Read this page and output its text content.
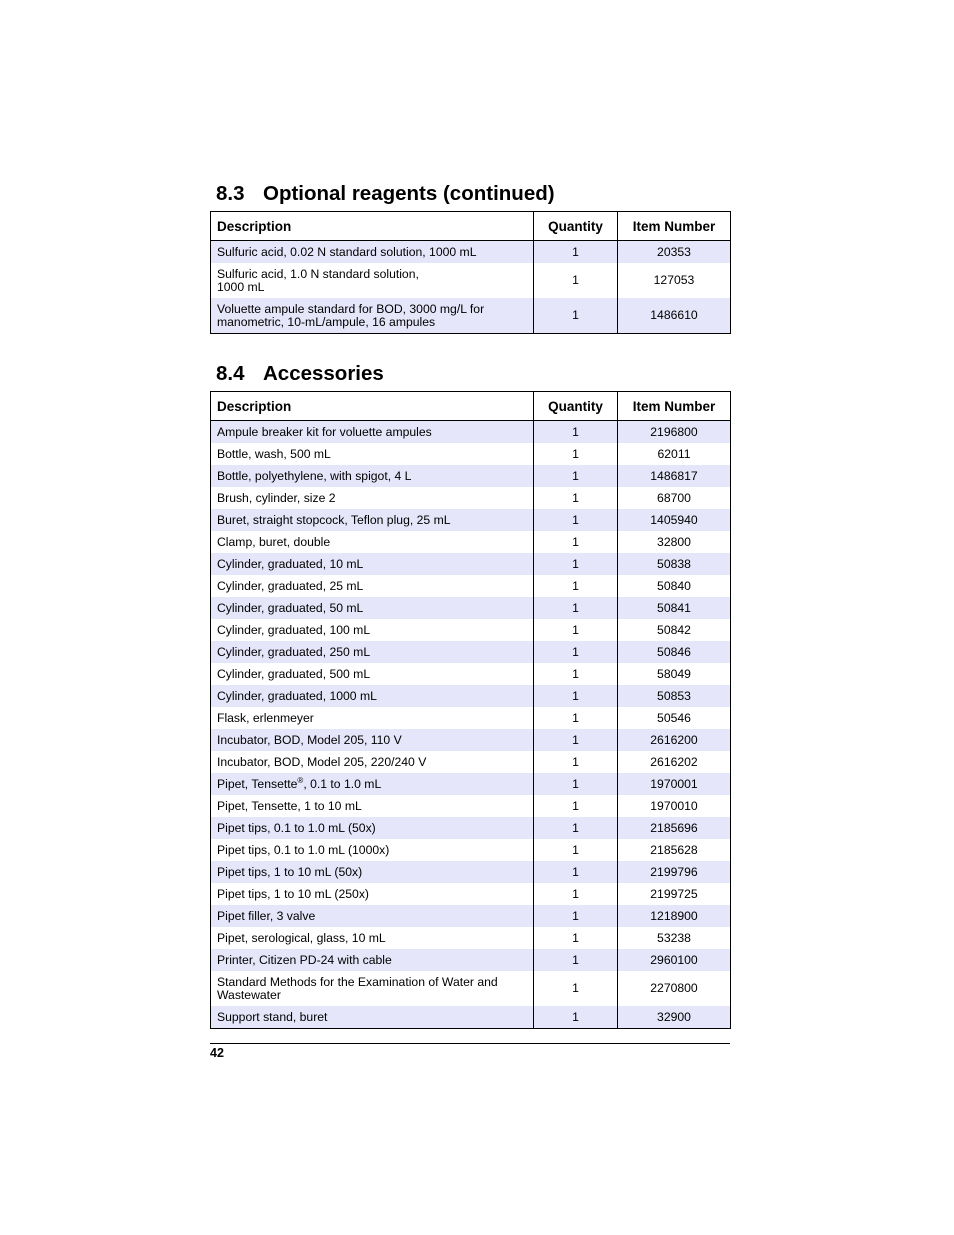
8.3 Optional reagents (continued)
Description	Quantity	Item Number
Sulfuric acid, 0.02 N standard solution, 1000 mL	1	20353
Sulfuric acid, 1.0 N standard solution,
1000 mL	1	127053
Voluette ampule standard for BOD, 3000 mg/L for
manometric, 10-mL/ampule, 16 ampules	1	1486610
8.4 Accessories
Description	Quantity	Item Number
Ampule breaker kit for voluette ampules	1	2196800
Bottle, wash, 500 mL	1	62011
Bottle, polyethylene, with spigot, 4 L	1	1486817
Brush, cylinder, size 2	1	68700
Buret, straight stopcock, Teflon plug, 25 mL	1	1405940
Clamp, buret, double	1	32800
Cylinder, graduated, 10 mL	1	50838
Cylinder, graduated, 25 mL	1	50840
Cylinder, graduated, 50 mL	1	50841
Cylinder, graduated, 100 mL	1	50842
Cylinder, graduated, 250 mL	1	50846
Cylinder, graduated, 500 mL	1	58049
Cylinder, graduated, 1000 mL	1	50853
Flask, erlenmeyer	1	50546
Incubator, BOD, Model 205, 110 V	1	2616200
Incubator, BOD, Model 205, 220/240 V	1	2616202
Pipet, Tensette®, 0.1 to 1.0 mL	1	1970001
Pipet, Tensette, 1 to 10 mL	1	1970010
Pipet tips, 0.1 to 1.0 mL (50x)	1	2185696
Pipet tips, 0.1 to 1.0 mL (1000x)	1	2185628
Pipet tips, 1 to 10 mL (50x)	1	2199796
Pipet tips, 1 to 10 mL (250x)	1	2199725
Pipet filler, 3 valve	1	1218900
Pipet, serological, glass, 10 mL	1	53238
Printer, Citizen PD-24 with cable	1	2960100
Standard Methods for the Examination of Water and
Wastewater	1	2270800
Support stand, buret	1	32900
42
